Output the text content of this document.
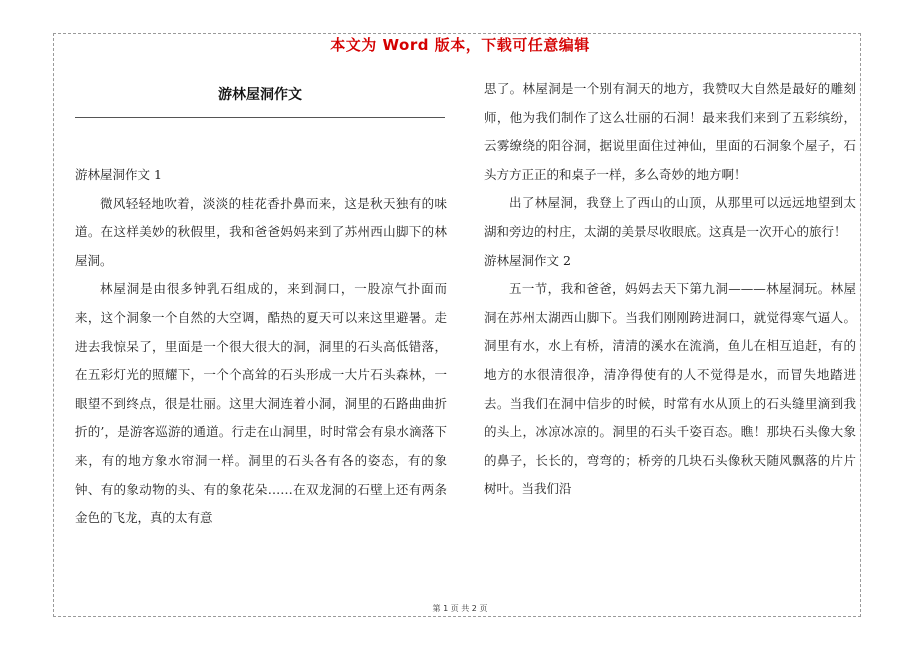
本文为 Word 版本，下载可任意编辑
游林屋洞作文

游林屋洞作文 1

微风轻轻地吹着，淡淡的桂花香扑鼻而来，这是秋天独有的味道。在这样美妙的秋假里，我和爸爸妈妈来到了苏州西山脚下的林屋洞。

林屋洞是由很多钟乳石组成的，来到洞口，一股凉气扑面而来，这个洞象一个自然的大空调，酷热的夏天可以来这里避暑。走进去我惊呆了，里面是一个很大很大的洞，洞里的石头高低错落，在五彩灯光的照耀下，一个个高耸的石头形成一大片石头森林，一眼望不到终点，很是壮丽。这里大洞连着小洞，洞里的石路曲曲折折的’，是游客巡游的通道。行走在山洞里，时时常会有泉水滴落下来，有的地方象水帘洞一样。洞里的石头各有各的姿态，有的象钟、有的象动物的头、有的象花朵……在双龙洞的石壁上还有两条金色的飞龙，真的太有意

思了。林屋洞是一个别有洞天的地方，我赞叹大自然是最好的雕刻师，他为我们制作了这么壮丽的石洞！最来我们来到了五彩缤纷，云雾缭绕的阳谷洞，据说里面住过神仙，里面的石洞象个屋子，石头方方正正的和桌子一样，多么奇妙的地方啊！

出了林屋洞，我登上了西山的山顶，从那里可以远远地望到太湖和旁边的村庄，太湖的美景尽收眼底。这真是一次开心的旅行！

游林屋洞作文 2

五一节，我和爸爸，妈妈去天下第九洞———林屋洞玩。林屋洞在苏州太湖西山脚下。当我们刚刚跨进洞口，就觉得寒气逼人。洞里有水，水上有桥，清清的溪水在流淌，鱼儿在相互追赶，有的地方的水很清很净，清净得使有的人不觉得是水，而冒失地踏进去。当我们在洞中信步的时候，时常有水从顶上的石头缝里滴到我的头上，冰凉冰凉的。洞里的石头千姿百态。瞧！那块石头像大象的鼻子，长长的，弯弯的；桥旁的几块石头像秋天随风飘落的片片树叶。当我们沿

第 1 页 共 2 页
